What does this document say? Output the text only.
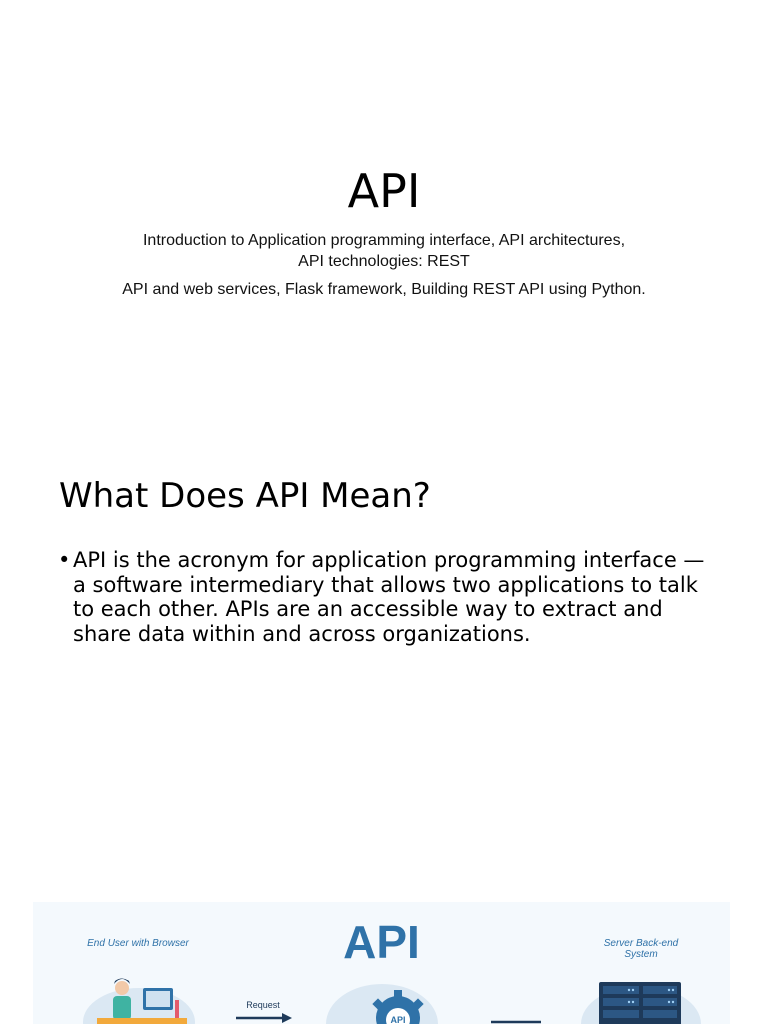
API
Introduction to Application programming interface, API architectures,
API technologies: REST
API and web services, Flask framework, Building REST API using Python.
What Does API Mean?
• API is the acronym for application programming interface — a software intermediary that allows two applications to talk to each other. APIs are an accessible way to extract and share data within and across organizations.
API
End User with Browser	Server Back-end System
Request
API
